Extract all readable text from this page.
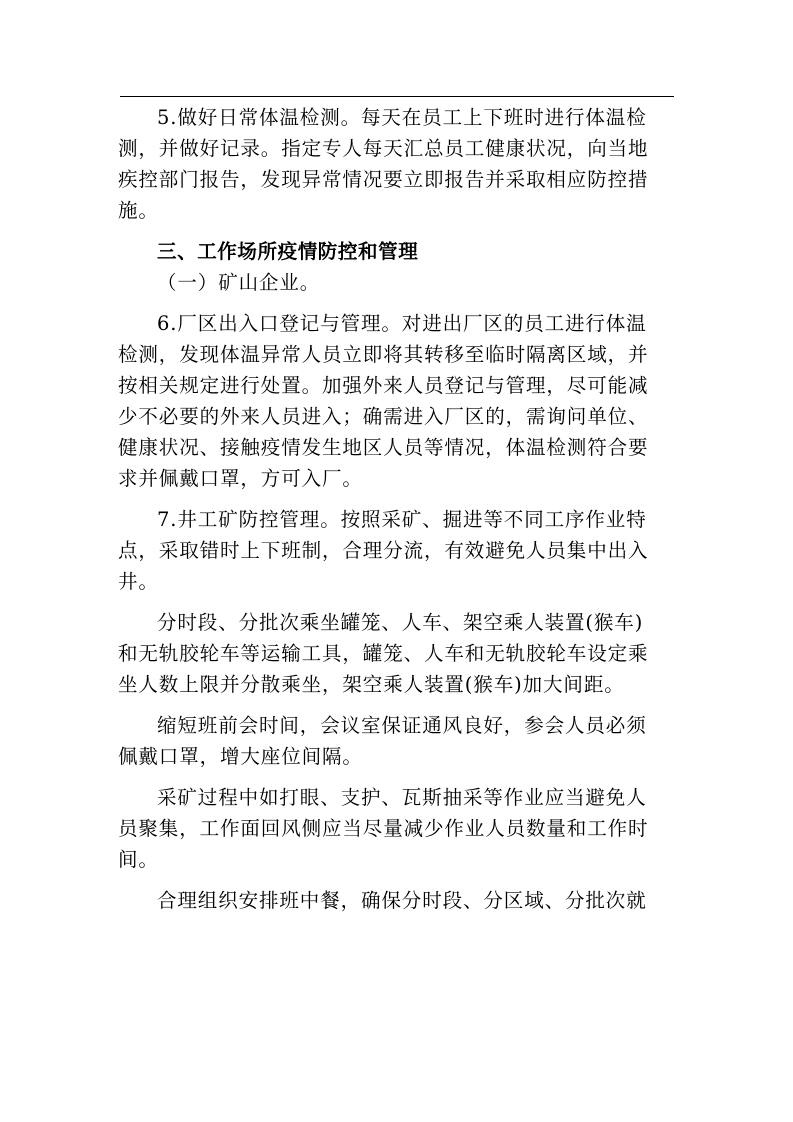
5.做好日常体温检测。每天在员工上下班时进行体温检
测，并做好记录。指定专人每天汇总员工健康状况，向当地
疾控部门报告，发现异常情况要立即报告并采取相应防控措
施。

三、工作场所疫情防控和管理

（一）矿山企业。

6.厂区出入口登记与管理。对进出厂区的员工进行体温
检测，发现体温异常人员立即将其转移至临时隔离区域，并
按相关规定进行处置。加强外来人员登记与管理，尽可能减
少不必要的外来人员进入；确需进入厂区的，需询问单位、
健康状况、接触疫情发生地区人员等情况，体温检测符合要
求并佩戴口罩，方可入厂。

7.井工矿防控管理。按照采矿、掘进等不同工序作业特
点，采取错时上下班制，合理分流，有效避免人员集中出入
井。

分时段、分批次乘坐罐笼、人车、架空乘人装置(猴车)
和无轨胶轮车等运输工具，罐笼、人车和无轨胶轮车设定乘
坐人数上限并分散乘坐，架空乘人装置(猴车)加大间距。

缩短班前会时间，会议室保证通风良好，参会人员必须
佩戴口罩，增大座位间隔。

采矿过程中如打眼、支护、瓦斯抽采等作业应当避免人
员聚集，工作面回风侧应当尽量减少作业人员数量和工作时
间。

合理组织安排班中餐，确保分时段、分区域、分批次就
